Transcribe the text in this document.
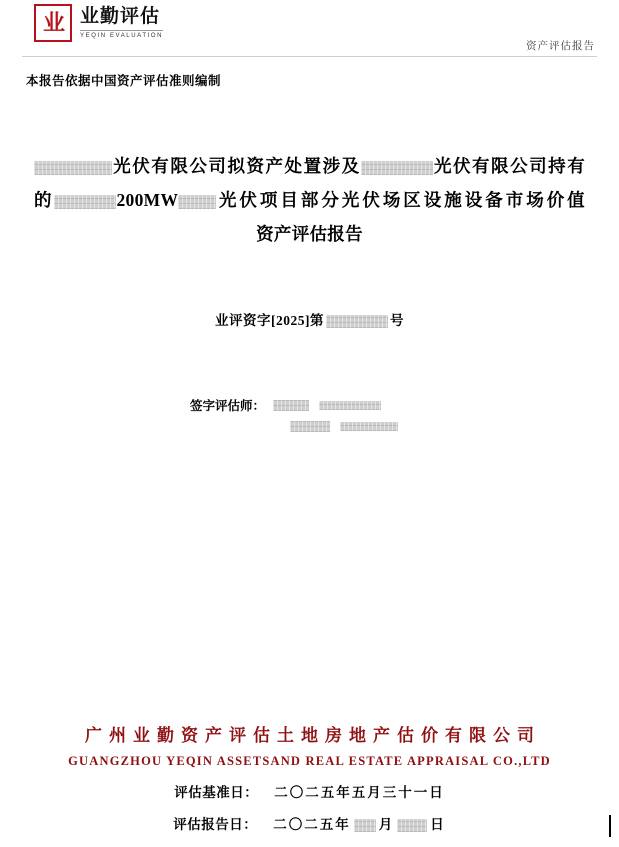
业 业勤评估
YEQIN EVALUATION
资产评估报告
本报告依据中国资产评估准则编制
光伏有限公司拟资产处置涉及	光伏有限公司持有
的	200MW 光伏项目部分光伏场区设施设备市场价值
资产评估报告
业评资字[2025]第	号
签字评估师：
广州业勤资产评估土地房地产估价有限公司
GUANGZHOU YEQIN ASSETSAND REAL ESTATE APPRAISAL CO.,LTD
评估基准日： 二〇二五年五月三十一日
评估报告日： 二〇二五年 月	日
